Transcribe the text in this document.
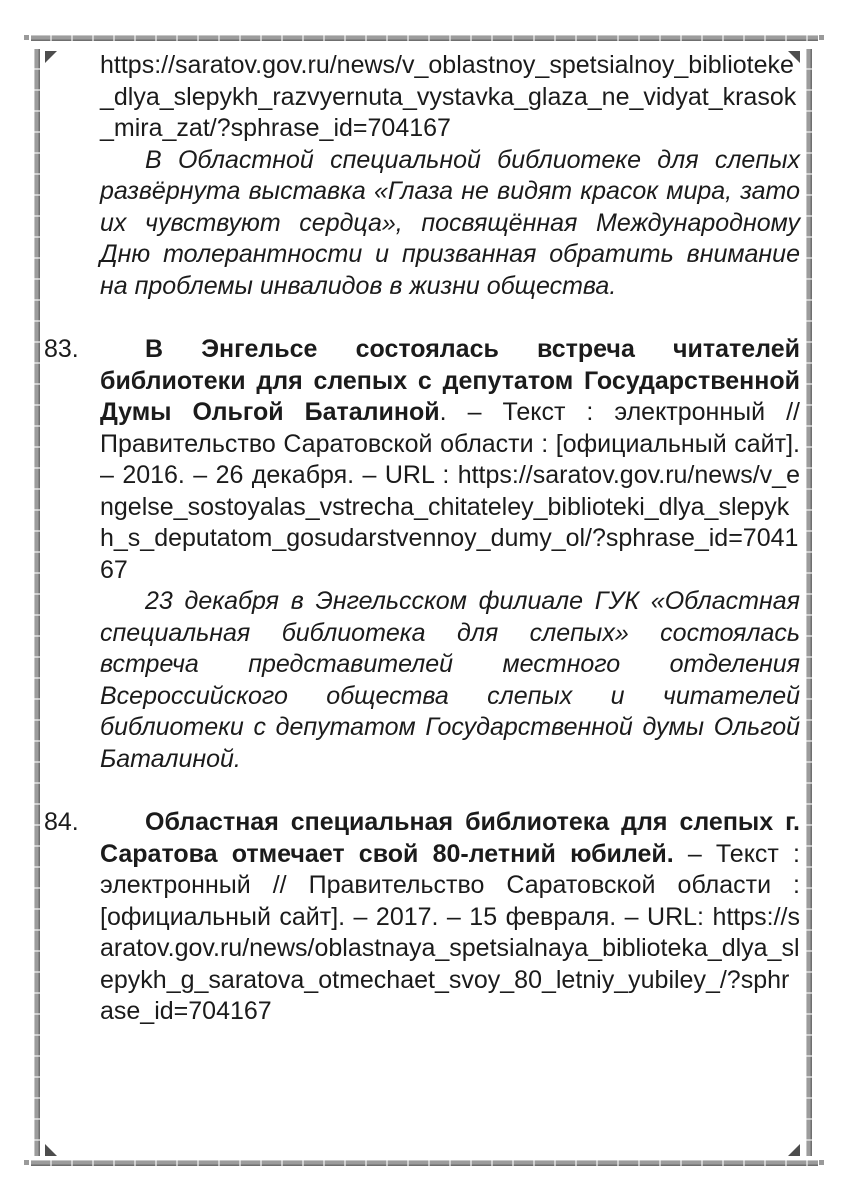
https://saratov.gov.ru/news/v_oblastnoy_spetsialnoy_biblioteke_dlya_slepykh_razvyernuta_vystavka_glaza_ne_vidyat_krasok_mira_zat/?sphrase_id=704167

В Областной специальной библиотеке для слепых развёрнута выставка «Глаза не видят красок мира, зато их чувствуют сердца», посвящённая Международному Дню толерантности и призванная обратить внимание на проблемы инвалидов в жизни общества.

83.	В Энгельсе состоялась встреча читателей библиотеки для слепых с депутатом Государственной Думы Ольгой Баталиной. – Текст : электронный // Правительство Саратовской области : [официальный сайт]. – 2016. – 26 декабря. – URL : https://saratov.gov.ru/news/v_engelse_sostoyalas_vstrecha_chitateley_biblioteki_dlya_slepykh_s_deputatom_gosudarstvennoy_dumy_ol/?sphrase_id=704167

23 декабря в Энгельсском филиале ГУК «Областная специальная библиотека для слепых» состоялась встреча представителей местного отделения Всероссийского общества слепых и читателей библиотеки с депутатом Государственной думы Ольгой Баталиной.

84.	Областная специальная библиотека для слепых г. Саратова отмечает свой 80-летний юбилей. – Текст : электронный // Правительство Саратовской области : [официальный сайт]. – 2017. – 15 февраля. – URL: https://saratov.gov.ru/news/oblastnaya_spetsialnaya_biblioteka_dlya_slepykh_g_saratova_otmechaet_svoy_80_letniy_yubiley_/?sphrase_id=704167
